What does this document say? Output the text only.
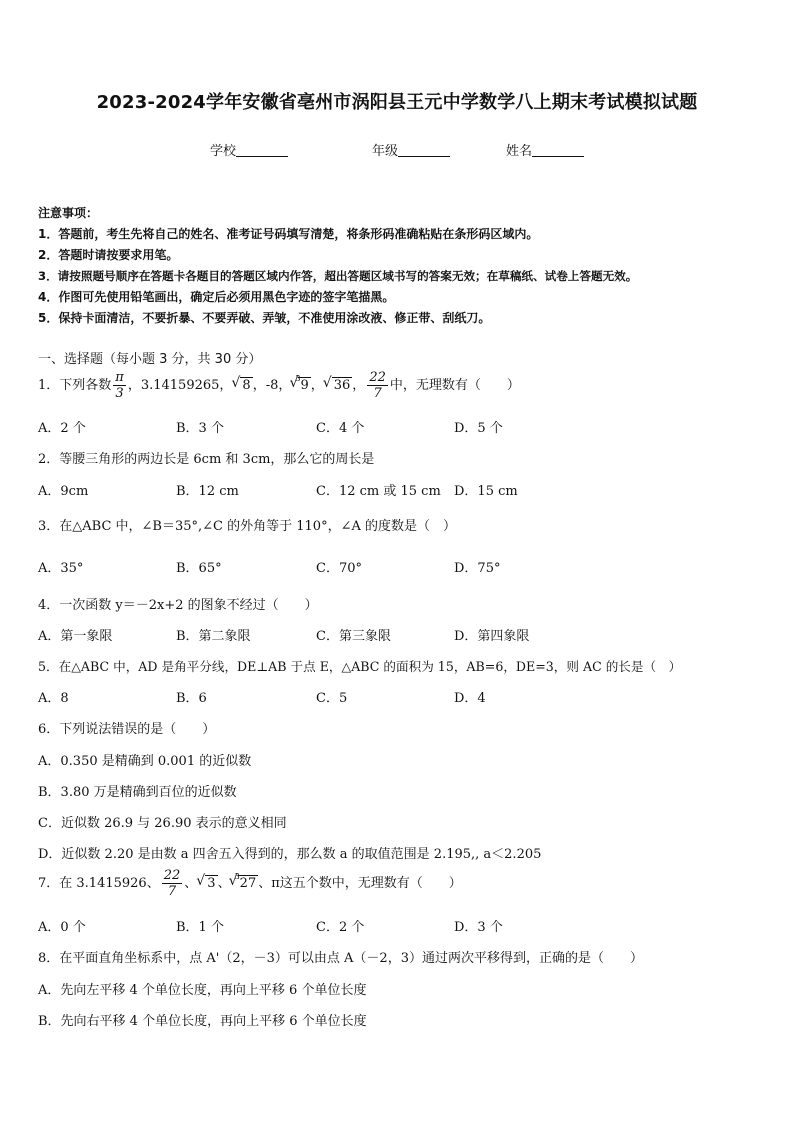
2023-2024学年安徽省亳州市涡阳县王元中学数学八上期末考试模拟试题
学校	年级	姓名
注意事项：
1．答题前，考生先将自己的姓名、准考证号码填写清楚，将条形码准确粘贴在条形码区域内。
2．答题时请按要求用笔。
3．请按照题号顺序在答题卡各题目的答题区域内作答，超出答题区域书写的答案无效；在草稿纸、试卷上答题无效。
4．作图可先使用铅笔画出，确定后必须用黑色字迹的签字笔描黑。
5．保持卡面清洁，不要折暴、不要弄破、弄皱，不准使用涂改液、修正带、刮纸刀。
一、选择题（每小题 3 分，共 30 分）
1．下列各数 $\frac{\pi}{3}$ ，3.14159265， √ 8 ，-8， $^3$√ 9 ， √ 36 ， $\frac{22}{7}$ 中，无理数有（　　）
A．2 个	B．3 个	C．4 个	D．5 个
2．等腰三角形的两边长是 6cm 和 3cm，那么它的周长是
A．9cm	B．12 cm	C．12 cm 或 15 cm D．15 cm
3．在△ABC 中，∠B＝35°,∠C 的外角等于 110°，∠A 的度数是（　）
A．35°	B．65°	C．70°	D．75°
4．一次函数 y＝－2x+2 的图象不经过（　　）
A．第一象限	B．第二象限	C．第三象限	D．第四象限
5．在△ABC 中，AD 是角平分线，DE⊥AB 于点 E，△ABC 的面积为 15，AB=6，DE=3，则 AC 的长是（　）
A．8	B．6	C．5	D．4
6．下列说法错误的是（　　）
A．0.350 是精确到 0.001 的近似数
B．3.80 万是精确到百位的近似数
C．近似数 26.9 与 26.90 表示的意义相同
D．近似数 2.20 是由数 a 四舍五入得到的，那么数 a 的取值范围是 2.195,, a＜2.205
7．在 3.1415926、 $\frac{22}{7}$ 、 √ 3 、 $^3$√ 27 、π这五个数中，无理数有（　　）
A．0 个	B．1 个	C．2 个	D．3 个
8．在平面直角坐标系中，点 A'（2，－3）可以由点 A（－2，3）通过两次平移得到，正确的是（　　）
A．先向左平移 4 个单位长度，再向上平移 6 个单位长度
B．先向右平移 4 个单位长度，再向上平移 6 个单位长度
